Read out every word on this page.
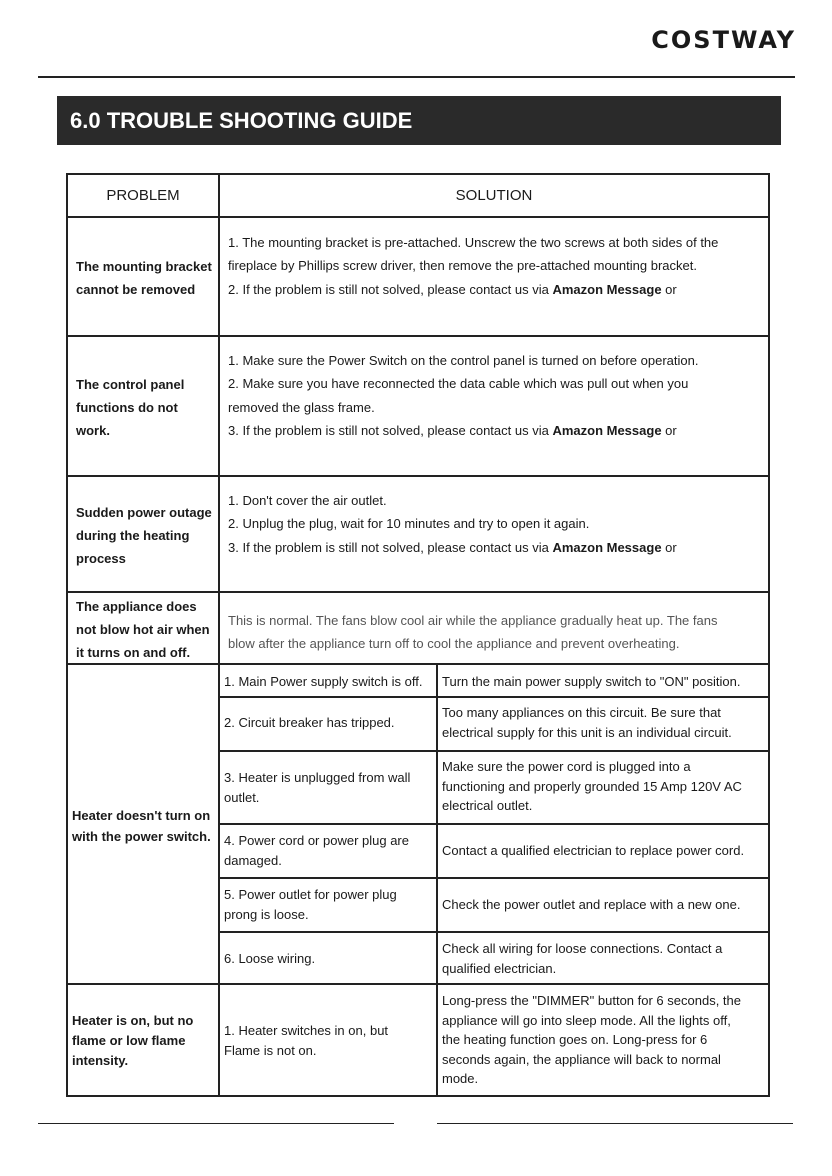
COSTWAY
6.0 TROUBLE SHOOTING GUIDE
PROBLEM	SOLUTION
The mounting bracket
cannot be removed
1. The mounting bracket is pre-attached. Unscrew the two screws at both sides of the
fireplace by Phillips screw driver, then remove the pre-attached mounting bracket.
2. If the problem is still not solved, please contact us via Amazon Message or
The control panel
functions do not
work.
1. Make sure the Power Switch on the control panel is turned on before operation.
2. Make sure you have reconnected the data cable which was pull out when you
removed the glass frame.
3. If the problem is still not solved, please contact us via Amazon Message or
Sudden power outage
during the heating
process
1. Don't cover the air outlet.
2. Unplug the plug, wait for 10 minutes and try to open it again.
3. If the problem is still not solved, please contact us via Amazon Message or
The appliance does
not blow hot air when
it turns on and off.
This is normal. The fans blow cool air while the appliance gradually heat up. The fans
blow after the appliance turn off to cool the appliance and prevent overheating.
Heater doesn't turn on
with the power switch.
1. Main Power supply switch is off. Turn the main power supply switch to "ON" position.
2. Circuit breaker has tripped.
Too many appliances on this circuit. Be sure that
electrical supply for this unit is an individual circuit.
3. Heater is unplugged from wall
outlet.
Make sure the power cord is plugged into a
functioning and properly grounded 15 Amp 120V AC
electrical outlet.
4. Power cord or power plug are
damaged.
Contact a qualified electrician to replace power cord.
5. Power outlet for power plug
prong is loose.
Check the power outlet and replace with a new one.
6. Loose wiring.
Check all wiring for loose connections. Contact a
qualified electrician.
Heater is on, but no
flame or low flame
intensity.
1. Heater switches in on, but
Flame is not on.
Long-press the "DIMMER" button for 6 seconds, the
appliance will go into sleep mode. All the lights off,
the heating function goes on. Long-press for 6
seconds again, the appliance will back to normal
mode.
